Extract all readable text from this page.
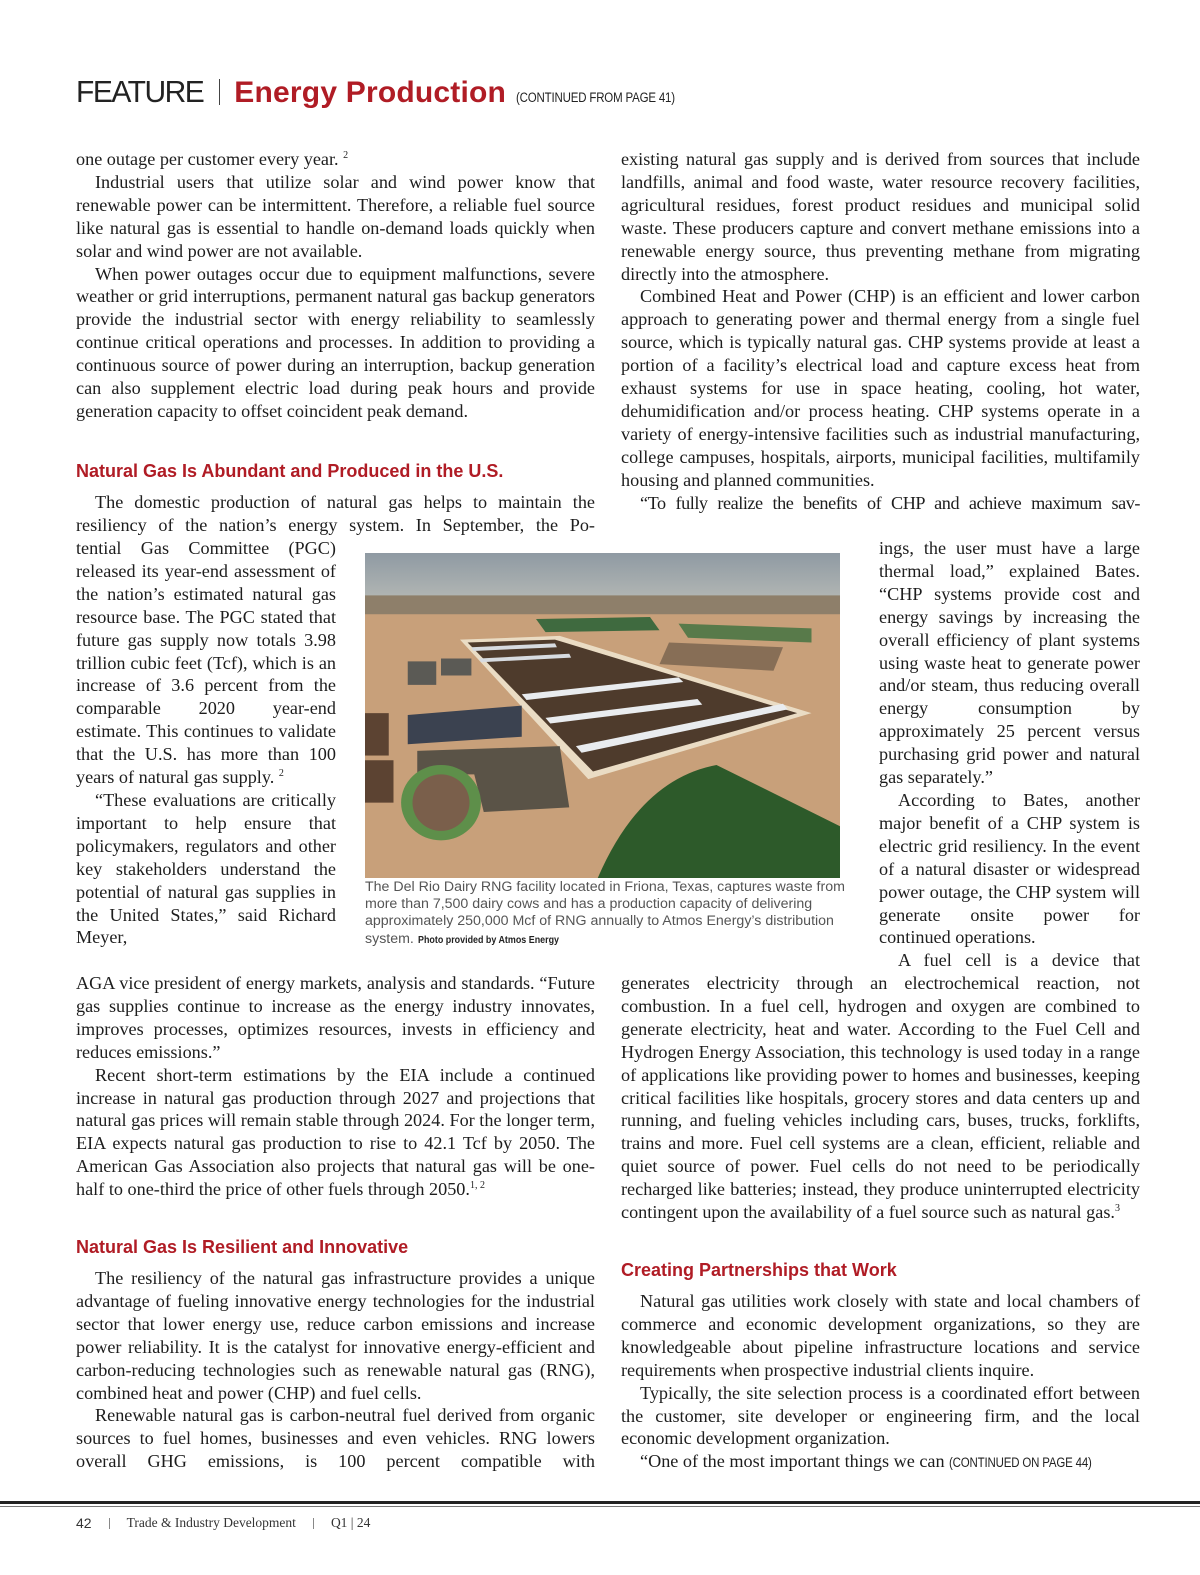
FEATURE Energy Production (CONTINUED FROM PAGE 41)

one outage per customer every year. $^2$

Industrial users that utilize solar and wind power know that renewable power can be intermittent. Therefore, a reliable fuel source like natural gas is essential to handle on-demand loads quickly when solar and wind power are not available.

When power outages occur due to equipment malfunctions, severe weather or grid interruptions, permanent natural gas backup generators provide the industrial sector with energy reliability to seamlessly continue critical operations and processes. In addition to providing a continuous source of power during an interruption, backup generation can also supplement electric load during peak hours and provide generation capacity to offset coincident peak demand.

Natural Gas Is Abundant and Produced in the U.S.

The domestic production of natural gas helps to maintain the resiliency of the nation’s energy system. In September, the Po-

tential Gas Committee (PGC) released its year-end assessment of the nation’s estimated natural gas resource base. The PGC stated that future gas supply now totals 3.98 trillion cubic feet (Tcf), which is an increase of 3.6 percent from the comparable 2020 year-end estimate. This continues to validate that the U.S. has more than 100 years of natural gas supply. $^2$

“These evaluations are critically important to help ensure that policymakers, regulators and other key stakeholders understand the potential of natural gas supplies in the United States,” said Richard Meyer,

AGA vice president of energy markets, analysis and standards. “Future gas supplies continue to increase as the energy industry innovates, improves processes, optimizes resources, invests in efficiency and reduces emissions.”

Recent short-term estimations by the EIA include a continued increase in natural gas production through 2027 and projections that natural gas prices will remain stable through 2024. For the longer term, EIA expects natural gas production to rise to 42.1 Tcf by 2050. The American Gas Association also projects that natural gas will be one-half to one-third the price of other fuels through 2050.$^{1, 2}$

Natural Gas Is Resilient and Innovative

The resiliency of the natural gas infrastructure provides a unique advantage of fueling innovative energy technologies for the industrial sector that lower energy use, reduce carbon emissions and increase power reliability. It is the catalyst for innovative energy-efficient and carbon-reducing technologies such as renewable natural gas (RNG), combined heat and power (CHP) and fuel cells.

Renewable natural gas is carbon-neutral fuel derived from organic sources to fuel homes, businesses and even vehicles. RNG lowers overall GHG emissions, is 100 percent compatible with

existing natural gas supply and is derived from sources that include landfills, animal and food waste, water resource recovery facilities, agricultural residues, forest product residues and municipal solid waste. These producers capture and convert methane emissions into a renewable energy source, thus preventing methane from migrating directly into the atmosphere.

Combined Heat and Power (CHP) is an efficient and lower carbon approach to generating power and thermal energy from a single fuel source, which is typically natural gas. CHP systems provide at least a portion of a facility’s electrical load and capture excess heat from exhaust systems for use in space heating, cooling, hot water, dehumidification and/or process heating. CHP systems operate in a variety of energy-intensive facilities such as industrial manufacturing, college campuses, hospitals, airports, municipal facilities, multifamily housing and planned communities.

“To fully realize the benefits of CHP and achieve maximum sav-

ings, the user must have a large thermal load,” explained Bates. “CHP systems provide cost and energy savings by increasing the overall efficiency of plant systems using waste heat to generate power and/or steam, thus reducing overall energy consumption by approximately 25 percent versus purchasing grid power and natural gas separately.”

According to Bates, another major benefit of a CHP system is electric grid resiliency. In the event of a natural disaster or widespread power outage, the CHP system will generate onsite power for continued operations.

A fuel cell is a device that

generates electricity through an electrochemical reaction, not combustion. In a fuel cell, hydrogen and oxygen are combined to generate electricity, heat and water. According to the Fuel Cell and Hydrogen Energy Association, this technology is used today in a range of applications like providing power to homes and businesses, keeping critical facilities like hospitals, grocery stores and data centers up and running, and fueling vehicles including cars, buses, trucks, forklifts, trains and more. Fuel cell systems are a clean, efficient, reliable and quiet source of power. Fuel cells do not need to be periodically recharged like batteries; instead, they produce uninterrupted electricity contingent upon the availability of a fuel source such as natural gas.$^3$

Creating Partnerships that Work

Natural gas utilities work closely with state and local chambers of commerce and economic development organizations, so they are knowledgeable about pipeline infrastructure locations and service requirements when prospective industrial clients inquire.

Typically, the site selection process is a coordinated effort between the customer, site developer or engineering firm, and the local economic development organization.

“One of the most important things we can (CONTINUED ON PAGE 44)

The Del Rio Dairy RNG facility located in Friona, Texas, captures waste from more than 7,500 dairy cows and has a production capacity of delivering approximately 250,000 Mcf of RNG annually to Atmos Energy’s distribution system. Photo provided by Atmos Energy
42	Trade & Industry Development	Q1 | 24
